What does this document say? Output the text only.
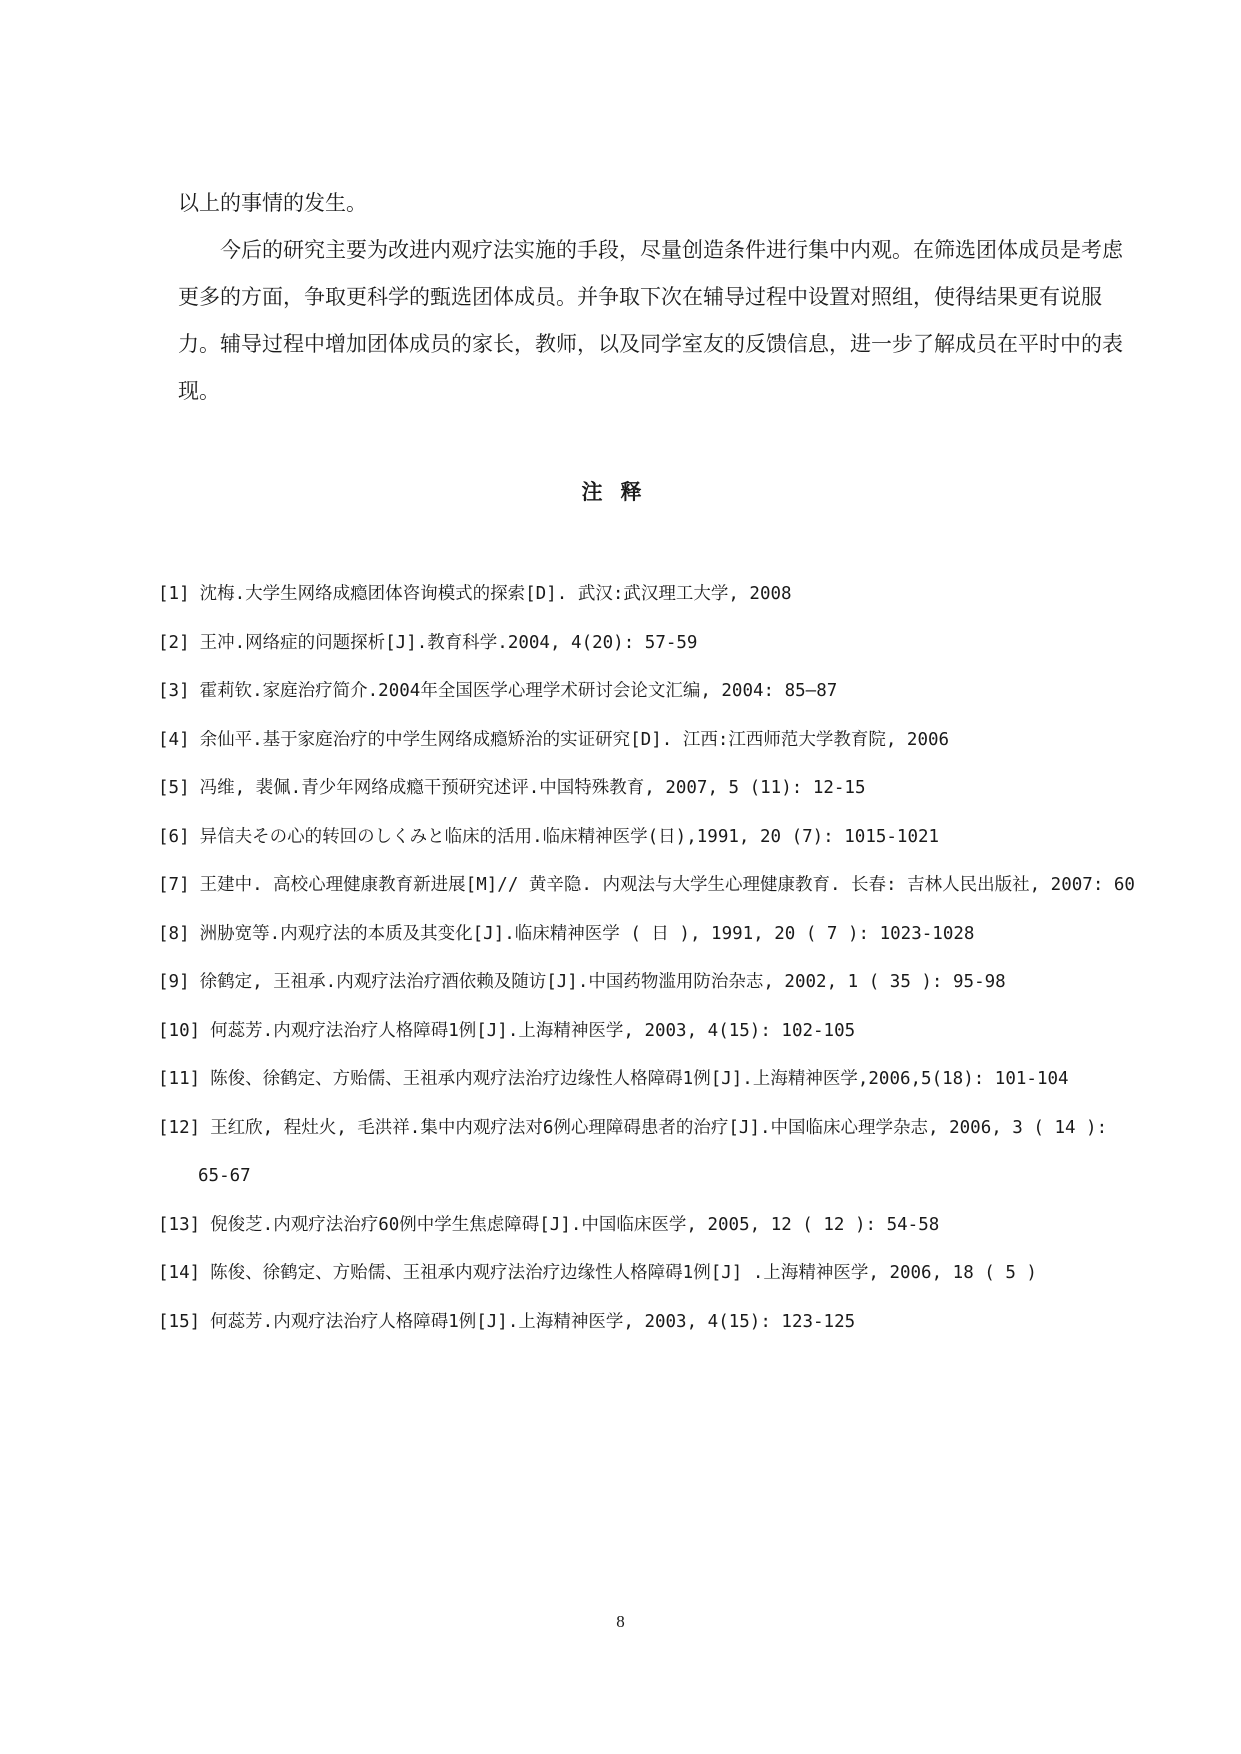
以上的事情的发生。

今后的研究主要为改进内观疗法实施的手段，尽量创造条件进行集中内观。在筛选团体成员是考虑更多的方面，争取更科学的甄选团体成员。并争取下次在辅导过程中设置对照组，使得结果更有说服力。辅导过程中增加团体成员的家长，教师，以及同学室友的反馈信息，进一步了解成员在平时中的表现。

注释
[1] 沈梅.大学生网络成瘾团体咨询模式的探索[D]. 武汉:武汉理工大学, 2008
[2] 王冲.网络症的问题探析[J].教育科学.2004, 4(20): 57-59
[3] 霍莉钦.家庭治疗简介.2004年全国医学心理学术研讨会论文汇编, 2004: 85—87
[4] 余仙平.基于家庭治疗的中学生网络成瘾矫治的实证研究[D]. 江西:江西师范大学教育院, 2006
[5] 冯维, 裴佩.青少年网络成瘾干预研究述评.中国特殊教育, 2007, 5 (11): 12-15
[6] 异信夫その心的转回のしくみと临床的活用.临床精神医学(日),1991, 20 (7): 1015-1021
[7] 王建中. 高校心理健康教育新进展[M]// 黄辛隐. 内观法与大学生心理健康教育. 长春: 吉林人民出版社, 2007: 60
[8] 洲胁宽等.内观疗法的本质及其变化[J].临床精神医学 ( 日 ), 1991, 20 ( 7 ): 1023-1028
[9] 徐鹤定, 王祖承.内观疗法治疗酒依赖及随访[J].中国药物滥用防治杂志, 2002, 1 ( 35 ): 95-98
[10] 何蕊芳.内观疗法治疗人格障碍1例[J].上海精神医学, 2003, 4(15): 102-105
[11] 陈俊、徐鹤定、方贻儒、王祖承内观疗法治疗边缘性人格障碍1例[J].上海精神医学,2006,5(18): 101-104
[12] 王红欣, 程灶火, 毛洪祥.集中内观疗法对6例心理障碍患者的治疗[J].中国临床心理学杂志, 2006, 3 ( 14 ): 65-67
[13] 倪俊芝.内观疗法治疗60例中学生焦虑障碍[J].中国临床医学, 2005, 12 ( 12 ): 54-58
[14] 陈俊、徐鹤定、方贻儒、王祖承内观疗法治疗边缘性人格障碍1例[J] .上海精神医学, 2006, 18 ( 5 )
[15] 何蕊芳.内观疗法治疗人格障碍1例[J].上海精神医学, 2003, 4(15): 123-125
8
